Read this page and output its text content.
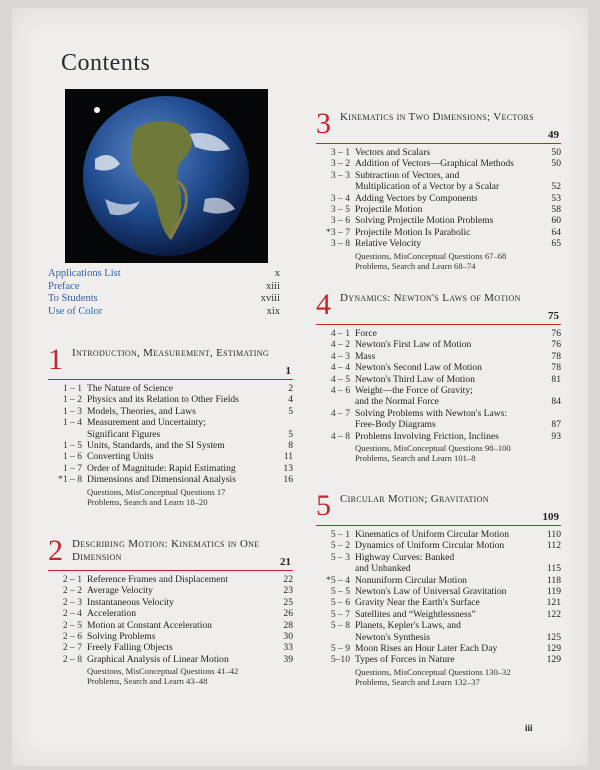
Contents
Applications List	x
Preface	xiii
To Students	xviii
Use of Color	xix
1 Introduction, Measurement, Estimating
1
1 – 1 The Nature of Science	2
1 – 2 Physics and its Relation to Other Fields	4
1 – 3 Models, Theories, and Laws	5
1 – 4 Measurement and Uncertainty;
Significant Figures	5
1 – 5 Units, Standards, and the SI System	8
1 – 6 Converting Units	11
1 – 7 Order of Magnitude: Rapid Estimating	13
*1 – 8 Dimensions and Dimensional Analysis	16
Questions, MisConceptual Questions 17
Problems, Search and Learn 18–20
2 Describing Motion: Kinematics in One Dimension	21
2 – 1 Reference Frames and Displacement	22
2 – 2 Average Velocity	23
2 – 3 Instantaneous Velocity	25
2 – 4 Acceleration	26
2 – 5 Motion at Constant Acceleration	28
2 – 6 Solving Problems	30
2 – 7 Freely Falling Objects	33
2 – 8 Graphical Analysis of Linear Motion	39
Questions, MisConceptual Questions 41–42
Problems, Search and Learn 43–48
3 Kinematics in Two Dimensions; Vectors
49
3 – 1 Vectors and Scalars	50
3 – 2 Addition of Vectors—Graphical Methods	50
3 – 3 Subtraction of Vectors, and
Multiplication of a Vector by a Scalar	52
3 – 4 Adding Vectors by Components	53
3 – 5 Projectile Motion	58
3 – 6 Solving Projectile Motion Problems	60
*3 – 7 Projectile Motion Is Parabolic	64
3 – 8 Relative Velocity	65
Questions, MisConceptual Questions 67–68
Problems, Search and Learn 68–74
4 Dynamics: Newton's Laws of Motion
75
4 – 1 Force	76
4 – 2 Newton's First Law of Motion	76
4 – 3 Mass	78
4 – 4 Newton's Second Law of Motion	78
4 – 5 Newton's Third Law of Motion	81
4 – 6 Weight—the Force of Gravity;
and the Normal Force	84
4 – 7 Solving Problems with Newton's Laws:
Free-Body Diagrams	87
4 – 8 Problems Involving Friction, Inclines	93
Questions, MisConceptual Questions 98–100
Problems, Search and Learn 101–8
5 Circular Motion; Gravitation
109
5 – 1 Kinematics of Uniform Circular Motion	110
5 – 2 Dynamics of Uniform Circular Motion	112
5 – 3 Highway Curves: Banked
and Unbanked	115
*5 – 4 Nonuniform Circular Motion	118
5 – 5 Newton's Law of Universal Gravitation	119
5 – 6 Gravity Near the Earth's Surface	121
5 – 7 Satellites and “Weightlessness”	122
5 – 8 Planets, Kepler's Laws, and
Newton's Synthesis	125
5 – 9 Moon Rises an Hour Later Each Day	129
5–10 Types of Forces in Nature	129
Questions, MisConceptual Questions 130–32
Problems, Search and Learn 132–37
iii
